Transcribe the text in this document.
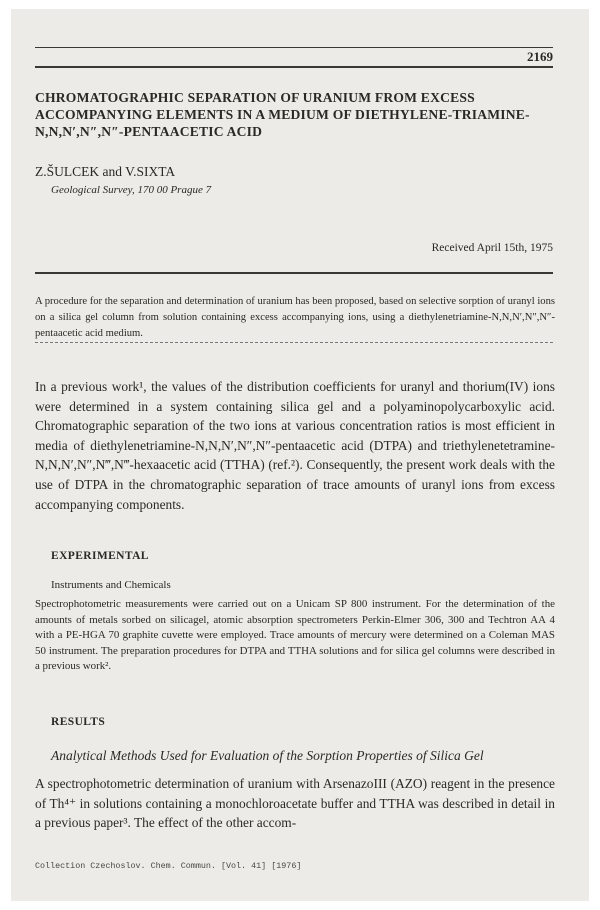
2169
CHROMATOGRAPHIC SEPARATION OF URANIUM FROM EXCESS ACCOMPANYING ELEMENTS IN A MEDIUM OF DIETHYLENE-TRIAMINE-N,N,N′,N″,N″-PENTAACETIC ACID
Z.ŠULCEK and V.SIXTA
Geological Survey, 170 00 Prague 7
Received April 15th, 1975
A procedure for the separation and determination of uranium has been proposed, based on selective sorption of uranyl ions on a silica gel column from solution containing excess accompanying ions, using a diethylenetriamine-N,N,N′,N″,N″-pentaacetic acid medium.
In a previous work¹, the values of the distribution coefficients for uranyl and thorium(IV) ions were determined in a system containing silica gel and a polyaminopolycarboxylic acid. Chromatographic separation of the two ions at various concentration ratios is most efficient in media of diethylenetriamine-N,N,N′,N″,N″-pentaacetic acid (DTPA) and triethylenetetramine-N,N,N′,N″,N‴,N‴-hexaacetic acid (TTHA) (ref.²). Consequently, the present work deals with the use of DTPA in the chromatographic separation of trace amounts of uranyl ions from excess accompanying components.
EXPERIMENTAL
Instruments and Chemicals
Spectrophotometric measurements were carried out on a Unicam SP 800 instrument. For the determination of the amounts of metals sorbed on silicagel, atomic absorption spectrometers Perkin-Elmer 306, 300 and Techtron AA 4 with a PE-HGA 70 graphite cuvette were employed. Trace amounts of mercury were determined on a Coleman MAS 50 instrument. The preparation procedures for DTPA and TTHA solutions and for silica gel columns were described in a previous work².
RESULTS
Analytical Methods Used for Evaluation of the Sorption Properties of Silica Gel
A spectrophotometric determination of uranium with ArsenazoIII (AZO) reagent in the presence of Th⁴⁺ in solutions containing a monochloroacetate buffer and TTHA was described in detail in a previous paper³. The effect of the other accom-
Collection Czechoslov. Chem. Commun. [Vol. 41] [1976]
